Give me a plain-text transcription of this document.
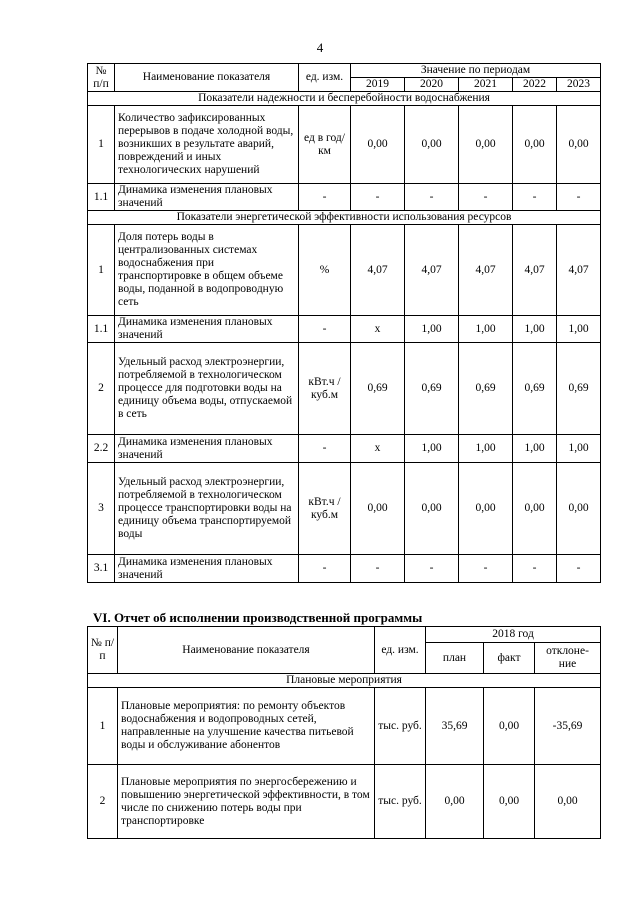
4
№ п/п	Наименование показателя	ед. изм.	Значение по периодам				
			2019	2020	2021	2022	2023
Показатели надежности и бесперебойности водоснабжения							
1	Количество зафиксированных перерывов в подаче холодной воды, возникших в результате аварий, повреждений и иных технологических нарушений	ед в год/ км	0,00	0,00	0,00	0,00	0,00
1.1	Динамика изменения плановых значений	-	-	-	-	-	-
Показатели энергетической эффективности использования ресурсов							
1	Доля потерь воды в централизованных системах водоснабжения при транспортировке в общем объеме воды, поданной в водопроводную сеть	%	4,07	4,07	4,07	4,07	4,07
1.1	Динамика изменения плановых значений	-	x	1,00	1,00	1,00	1,00
2	Удельный расход электроэнергии, потребляемой в технологическом процессе для подготовки воды на единицу объема воды, отпускаемой в сеть	кВт.ч / куб.м	0,69	0,69	0,69	0,69	0,69
2.2	Динамика изменения плановых значений	-	x	1,00	1,00	1,00	1,00
3	Удельный расход электроэнергии, потребляемой в технологическом процессе транспортировки воды на единицу объема транспортируемой воды	кВт.ч / куб.м	0,00	0,00	0,00	0,00	0,00
3.1	Динамика изменения плановых значений	-	-	-	-	-	-
VI. Отчет об исполнении производственной программы
№ п/п	Наименование показателя	ед. изм.	2018 год		
			план	факт	отклоне- ние
Плановые мероприятия					
1	Плановые мероприятия: по ремонту объектов водоснабжения и водопроводных сетей, направленные на улучшение качества питьевой воды и обслуживание абонентов	тыс. руб.	35,69	0,00	-35,69
2	Плановые мероприятия по энергосбережению и повышению энергетической эффективности, в том числе по снижению потерь воды при транспортировке	тыс. руб.	0,00	0,00	0,00
